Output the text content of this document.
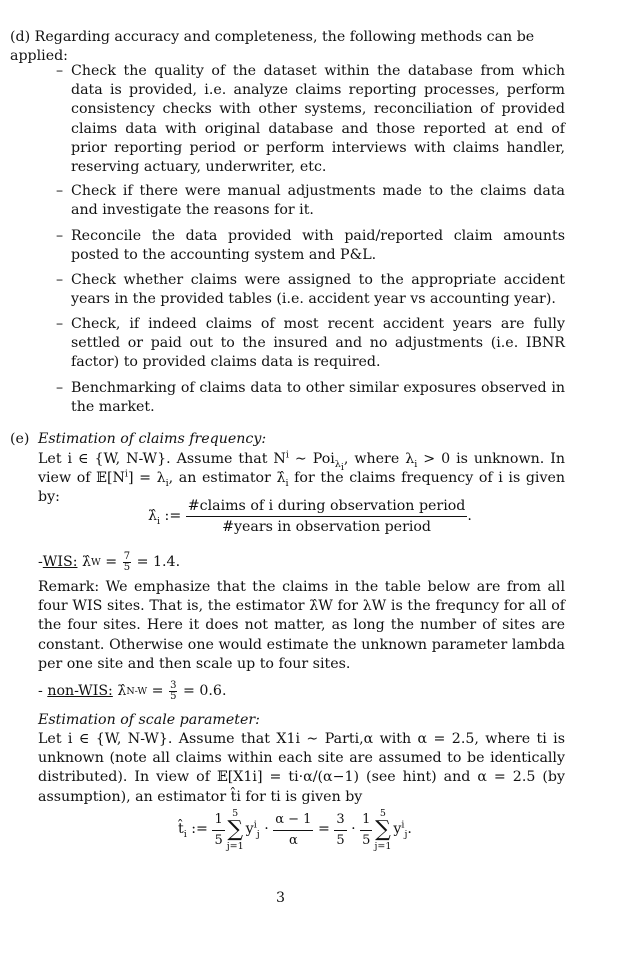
(d) Regarding accuracy and completeness, the following methods can be applied:
– Check the quality of the dataset within the database from which data is provided, i.e. analyze claims reporting processes, perform consistency checks with other systems, reconciliation of provided claims data with original database and those reported at end of prior reporting period or perform interviews with claims handler, reserving actuary, underwriter, etc.
– Check if there were manual adjustments made to the claims data and investigate the reasons for it.
– Reconcile the data provided with paid/reported claim amounts posted to the accounting system and P&L.
– Check whether claims were assigned to the appropriate accident years in the provided tables (i.e. accident year vs accounting year).
– Check, if indeed claims of most recent accident years are fully settled or paid out to the insured and no adjustments (i.e. IBNR factor) to provided claims data is required.
– Benchmarking of claims data to other similar exposures observed in the market.
(e) Estimation of claims frequency:
Let i ∈ {W, N-W}. Assume that $N^i$ ∼ Poi$_{\lambda_i}$, where $\lambda_i > 0$ is unknown. In view of $𝔼[N^i] = \lambda_i$, an estimator $\lambdâ_i$ for the claims frequency of i is given by:
$\lambdâ_i$ := $\frac{\text{\#claims of i during observation period}}{\text{\#years in observation period}}$ .
- WIS: λ̂ W = 7
5 = 1.4 .
Remark: We emphasize that the claims in the table below are from all four WIS sites. That is, the estimator λ̂W for λW is the frequncy for all of the four sites. Here it does not matter, as long the number of sites are constant. Otherwise one would estimate the unknown parameter lambda per one site and then scale up to four sites.
- non-WIS: λ̂ N-W = 3
5 = 0.6 .
Estimation of scale parameter:
Let i ∈ {W, N-W}. Assume that X1i ∼ Parti,α with α = 2.5, where ti is unknown (note all claims within each site are assumed to be identically distributed). In view of 𝔼[X1i] = ti·α/(α−1) (see hint) and α = 2.5 (by assumption), an estimator t̂i for ti is given by
$t̂_i$ := $\frac{1}{5} 5$
∑
j=1
$y^i_j \cdot \frac{\alpha - 1}{\alpha} = \frac{3}{5} \cdot \frac{1}{5} 5$
∑
j=1
$y^i_j$.
3
